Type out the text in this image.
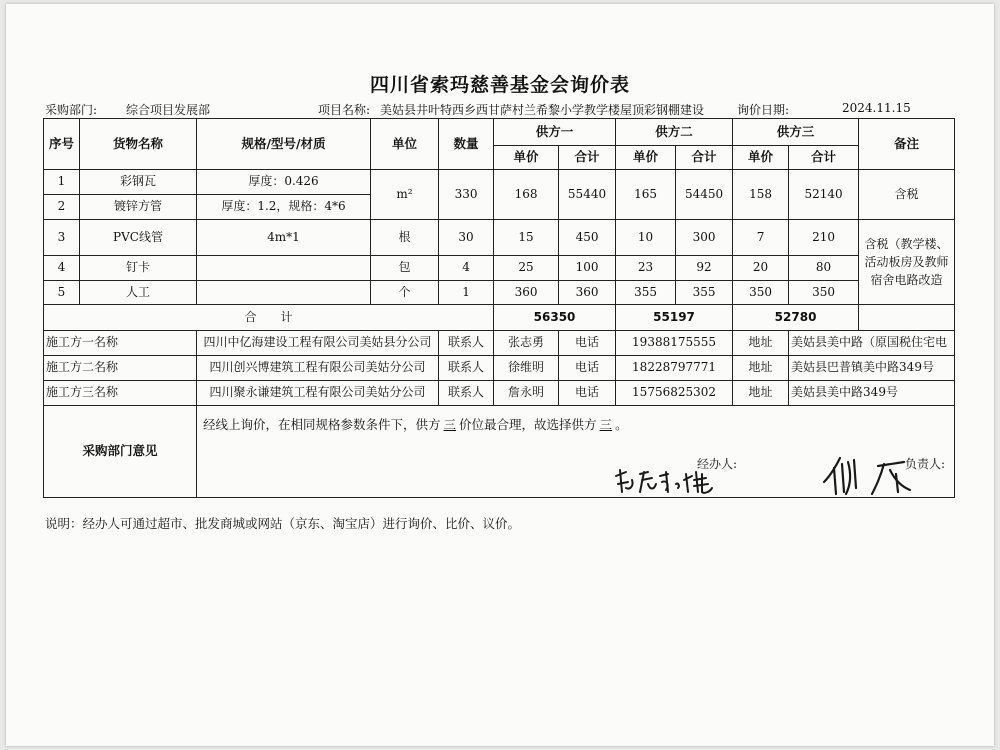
四川省索玛慈善基金会询价表
采购部门: 综合项目发展部	项目名称: 美姑县井叶特西乡西甘萨村兰希黎小学教学楼屋顶彩钢棚建设	询价日期:	2024.11.15
序号	货物名称	规格/型号/材质	单位	数量	供方一		供方二		供方三		备注
					单价	合计	单价	合计	单价	合计	
1	彩钢瓦	厚度：0.426	m²	330	168	55440	165	54450	158	52140	含税
2	镀锌方管	厚度：1.2，规格：4*6									
3	PVC线管	4m*1	根	30	15	450	10	300	7	210	含税（教学楼、活动板房及教师宿舍电路改造
4	钉卡		包	4	25	100	23	92	20	80	
5	人工		个	1	360	360	355	355	350	350	
合　　计					56350		55197		52780		
施工方一名称		四川中亿海建设工程有限公司美姑县分公司		联系人	张志勇	电话	19388175555		地址	美姑县美中路（原国税住宅电	
施工方二名称		四川创兴博建筑工程有限公司美姑分公司		联系人	徐维明	电话	18228797771		地址	美姑县巴普镇美中路349号	
施工方三名称		四川聚永谦建筑工程有限公司美姑分公司		联系人	詹永明	电话	15756825302		地址	美姑县美中路349号	
采购部门意见		经线上询价，在相同规格参数条件下，供方 三 价位最合理，故选择供方 三 。
经办人: 负责人:									
说明：经办人可通过超市、批发商城或网站（京东、淘宝店）进行询价、比价、议价。
